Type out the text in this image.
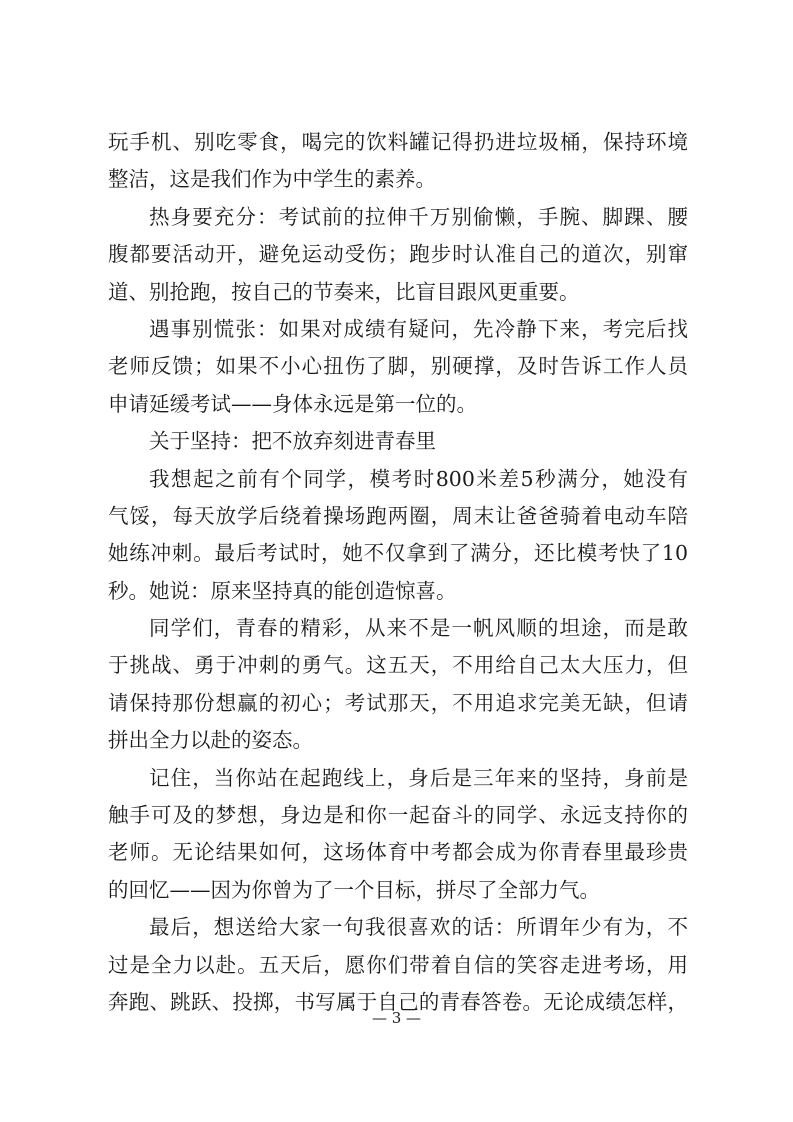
玩手机、别吃零食，喝完的饮料罐记得扔进垃圾桶，保持环境
整洁，这是我们作为中学生的素养。
热身要充分：考试前的拉伸千万别偷懒，手腕、脚踝、腰
腹都要活动开，避免运动受伤；跑步时认准自己的道次，别窜
道、别抢跑，按自己的节奏来，比盲目跟风更重要。
遇事别慌张：如果对成绩有疑问，先冷静下来，考完后找
老师反馈；如果不小心扭伤了脚，别硬撑，及时告诉工作人员
申请延缓考试——身体永远是第一位的。
关于坚持：把不放弃刻进青春里
我想起之前有个同学，模考时800米差5秒满分，她没有
气馁，每天放学后绕着操场跑两圈，周末让爸爸骑着电动车陪
她练冲刺。最后考试时，她不仅拿到了满分，还比模考快了10
秒。她说：原来坚持真的能创造惊喜。
同学们，青春的精彩，从来不是一帆风顺的坦途，而是敢
于挑战、勇于冲刺的勇气。这五天，不用给自己太大压力，但
请保持那份想赢的初心；考试那天，不用追求完美无缺，但请
拼出全力以赴的姿态。
记住，当你站在起跑线上，身后是三年来的坚持，身前是
触手可及的梦想，身边是和你一起奋斗的同学、永远支持你的
老师。无论结果如何，这场体育中考都会成为你青春里最珍贵
的回忆——因为你曾为了一个目标，拼尽了全部力气。
最后，想送给大家一句我很喜欢的话：所谓年少有为，不
过是全力以赴。五天后，愿你们带着自信的笑容走进考场，用
奔跑、跳跃、投掷，书写属于自己的青春答卷。无论成绩怎样，
— 3 —
